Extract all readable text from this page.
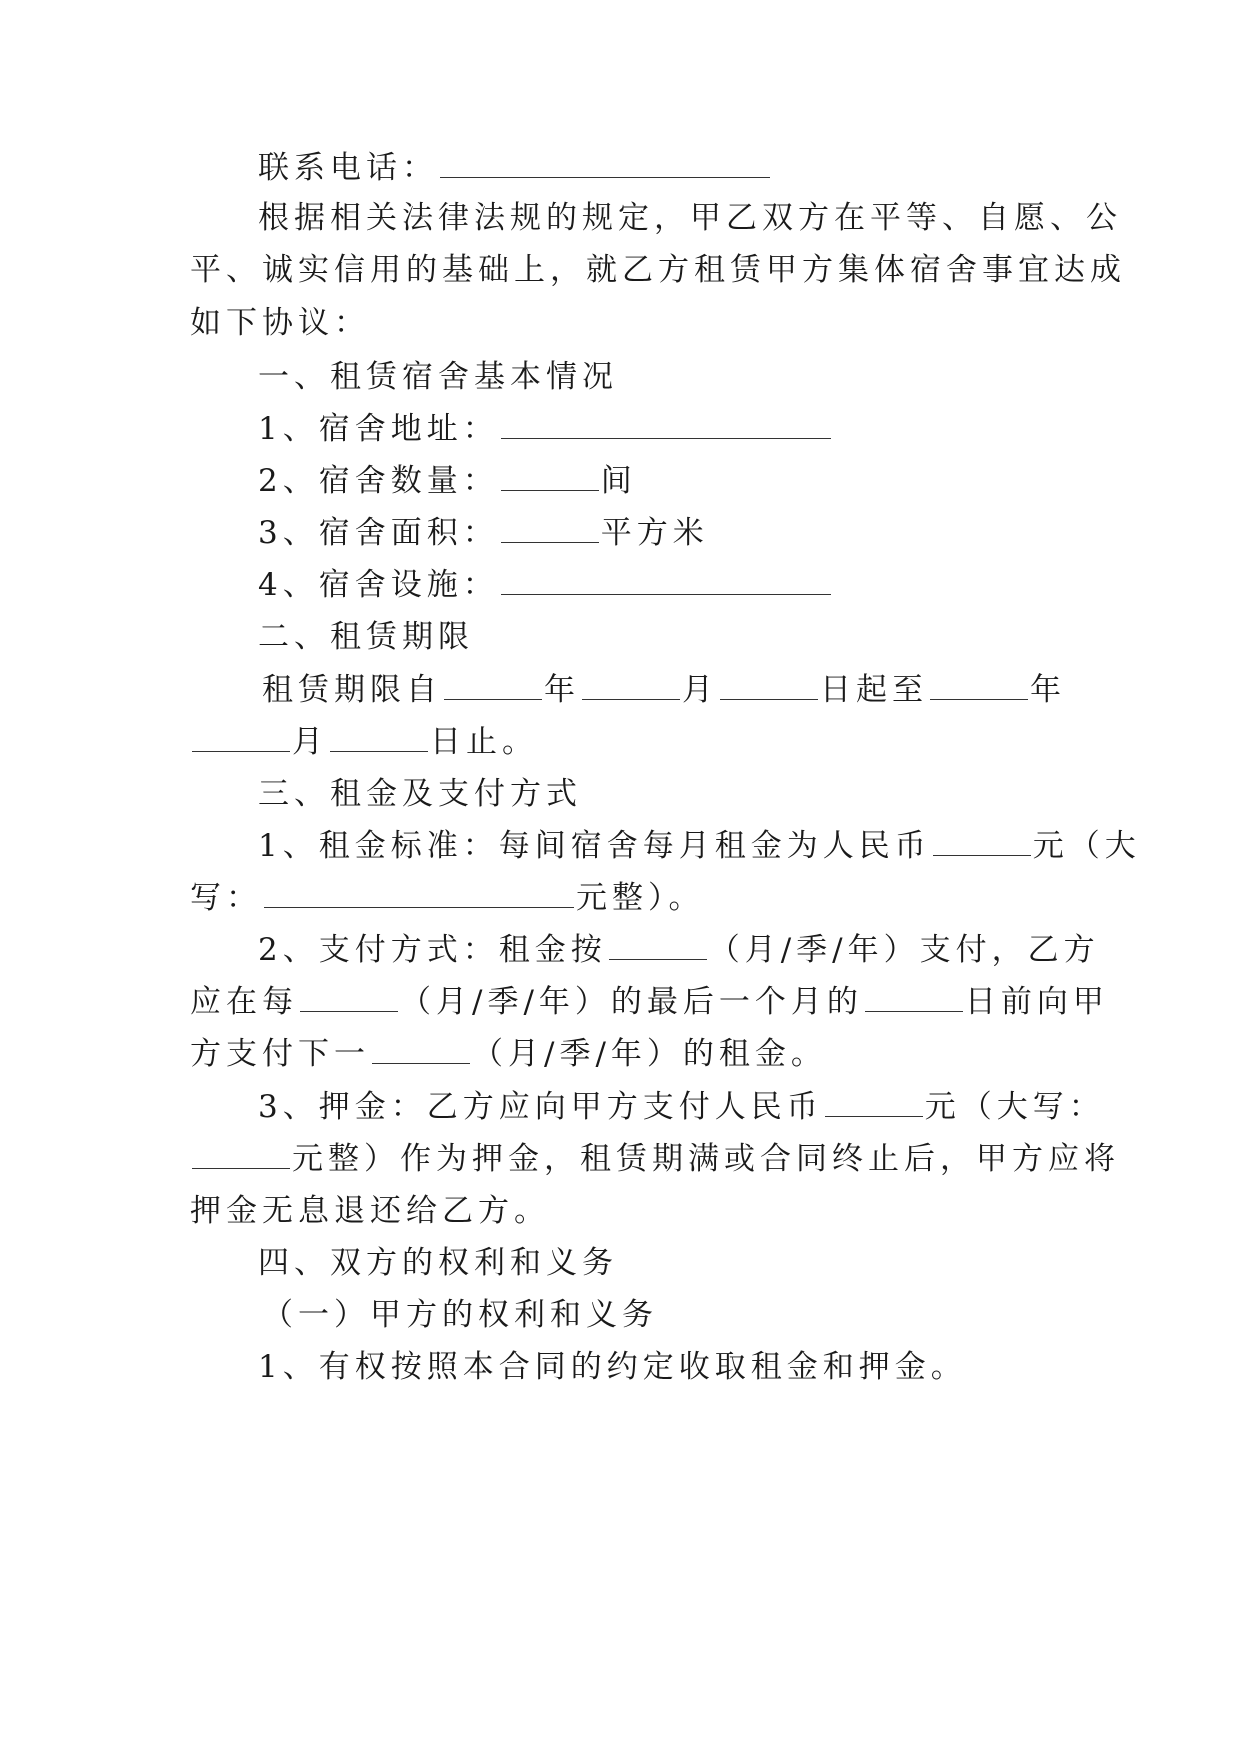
联系电话：
根据相关法律法规的规定，甲乙双方在平等、自愿、公
平、诚实信用的基础上，就乙方租赁甲方集体宿舍事宜达成
如下协议：
一、租赁宿舍基本情况
1、宿舍地址：
2、宿舍数量：	间
3、宿舍面积：	平方米
4、宿舍设施：
二、租赁期限
租赁期限自	年	月	日起至	年
月	日止。
三、租金及支付方式
1、租金标准：每间宿舍每月租金为人民币	元（大
写：	元整）。
2、支付方式：租金按	（月/季/年）支付，乙方
应在每	（月/季/年）的最后一个月的	日前向甲
方支付下一	（月/季/年）的租金。
3、押金：乙方应向甲方支付人民币	元（大写：
元整）作为押金，租赁期满或合同终止后，甲方应将
押金无息退还给乙方。
四、双方的权利和义务
（一）甲方的权利和义务
1、有权按照本合同的约定收取租金和押金。
